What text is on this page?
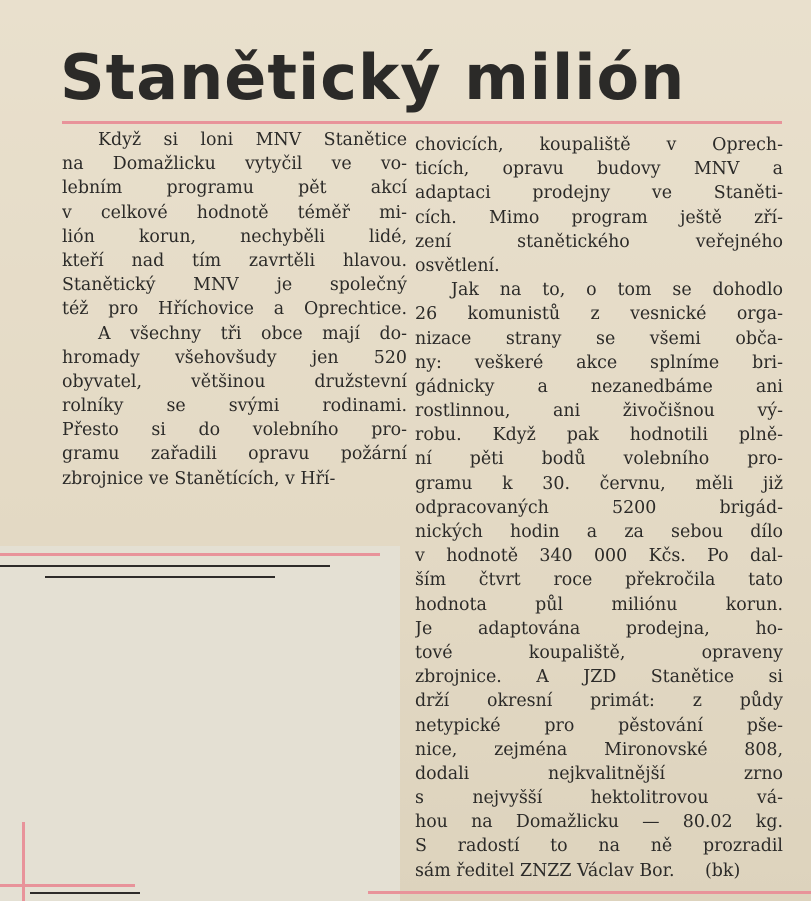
Stanětický milión

Když si loni MNV Stanětice

na Domažlicku vytyčil ve vo-

lebním programu pět akcí

v celkové hodnotě téměř mi-

lión korun, nechyběli lidé,

kteří nad tím zavrtěli hlavou.

Stanětický MNV je společný

též pro Hříchovice a Oprechtice.

A všechny tři obce mají do-

hromady všehovšudy jen 520

obyvatel, většinou družstevní

rolníky se svými rodinami.

Přesto si do volebního pro-

gramu zařadili opravu požární

zbrojnice ve Stanětících, v Hří-

chovicích, koupaliště v Oprech-

ticích, opravu budovy MNV a

adaptaci prodejny ve Staněti-

cích. Mimo program ještě zří-

zení stanětického veřejného

osvětlení.

Jak na to, o tom se dohodlo

26 komunistů z vesnické orga-

nizace strany se všemi obča-

ny: veškeré akce splníme bri-

gádnicky a nezanedbáme ani

rostlinnou, ani živočišnou vý-

robu. Když pak hodnotili plně-

ní pěti bodů volebního pro-

gramu k 30. červnu, měli již

odpracovaných 5200 brigád-

nických hodin a za sebou dílo

v hodnotě 340 000 Kčs. Po dal-

ším čtvrt roce překročila tato

hodnota půl miliónu korun.

Je adaptována prodejna, ho-

tové koupaliště, opraveny

zbrojnice. A JZD Stanětice si

drží okresní primát: z půdy

netypické pro pěstování pše-

nice, zejména Mironovské 808,

dodali nejkvalitnější zrno

s nejvyšší hektolitrovou vá-

hou na Domažlicku — 80.02 kg.

S radostí to na ně prozradil

sám ředitel ZNZZ Václav Bor.	(bk)
